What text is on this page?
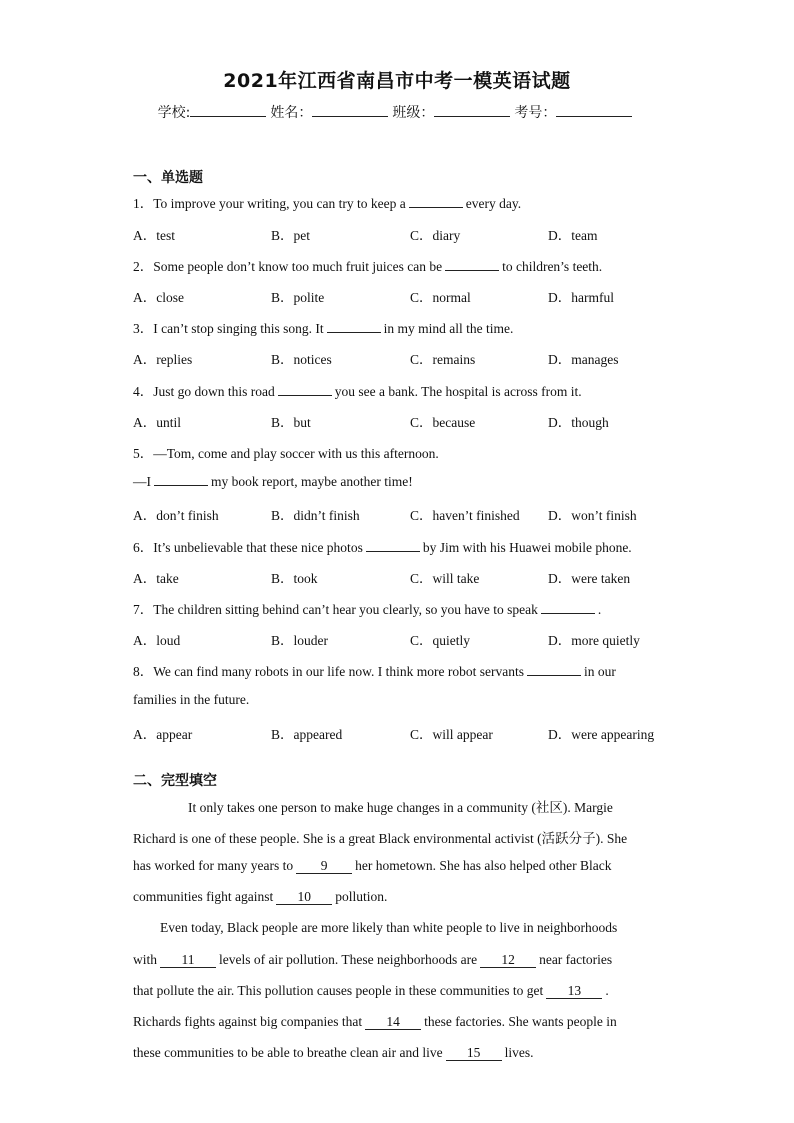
2021年江西省南昌市中考一模英语试题
学校:	姓名：	班级：	考号：
一、单选题
1．To improve your writing, you can try to keep a	every day.
A．test	B．pet	C．diary	D．team
2．Some people don’t know too much fruit juices can be	to children’s teeth.
A．close	B．polite	C．normal	D．harmful
3．I can’t stop singing this song. It	in my mind all the time.
A．replies	B．notices	C．remains	D．manages
4．Just go down this road	you see a bank. The hospital is across from it.
A．until	B．but	C．because	D．though
5．—Tom, come and play soccer with us this afternoon.
—I	my book report, maybe another time!
A．don’t finish	B．didn’t finish	C．haven’t finished D．won’t finish
6．It’s unbelievable that these nice photos	by Jim with his Huawei mobile phone.
A．take	B．took	C．will take	D．were taken
7．The children sitting behind can’t hear you clearly, so you have to speak	.
A．loud	B．louder	C．quietly	D．more quietly
8．We can find many robots in our life now. I think more robot servants	in our
families in the future.
A．appear	B．appeared	C．will appear	D．were appearing
二、完型填空
It only takes one person to make huge changes in a community (社区). Margie
Richard is one of these people. She is a great Black environmental activist (活跃分子). She
has worked for many years to 9 her hometown. She has also helped other Black
communities fight against 10 pollution.
Even today, Black people are more likely than white people to live in neighborhoods
with 11 levels of air pollution. These neighborhoods are 12 near factories
that pollute the air. This pollution causes people in these communities to get 13 .
Richards fights against big companies that 14 these factories. She wants people in
these communities to be able to breathe clean air and live 15 lives.
